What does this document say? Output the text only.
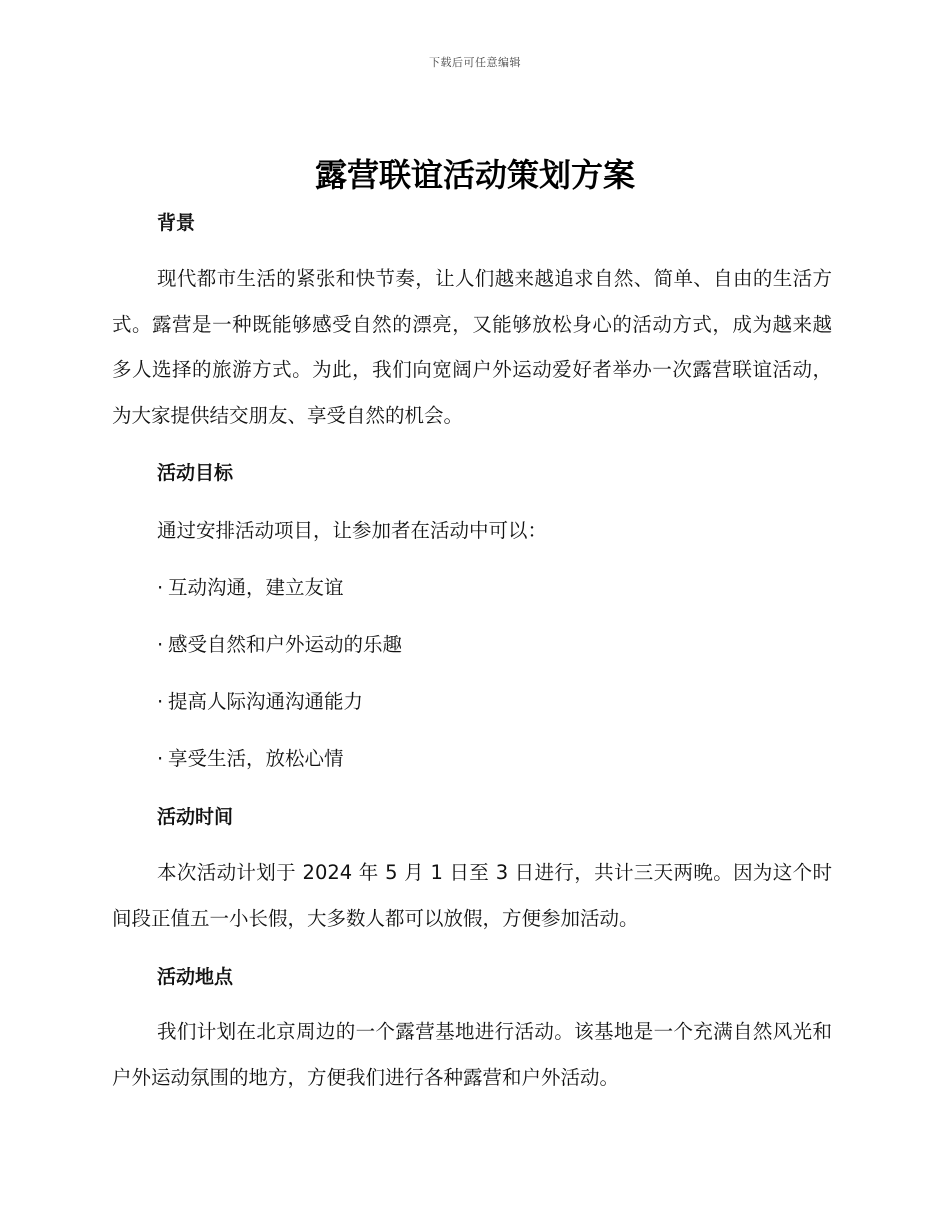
下载后可任意编辑
露营联谊活动策划方案
背景

现代都市生活的紧张和快节奏，让人们越来越追求自然、简单、自由的生活方式。露营是一种既能够感受自然的漂亮，又能够放松身心的活动方式，成为越来越多人选择的旅游方式。为此，我们向宽阔户外运动爱好者举办一次露营联谊活动，为大家提供结交朋友、享受自然的机会。

活动目标

通过安排活动项目，让参加者在活动中可以：

· 互动沟通，建立友谊

· 感受自然和户外运动的乐趣

· 提高人际沟通沟通能力

· 享受生活，放松心情

活动时间

本次活动计划于 2024 年 5 月 1 日至 3 日进行，共计三天两晚。因为这个时间段正值五一小长假，大多数人都可以放假，方便参加活动。

活动地点

我们计划在北京周边的一个露营基地进行活动。该基地是一个充满自然风光和户外运动氛围的地方，方便我们进行各种露营和户外活动。
